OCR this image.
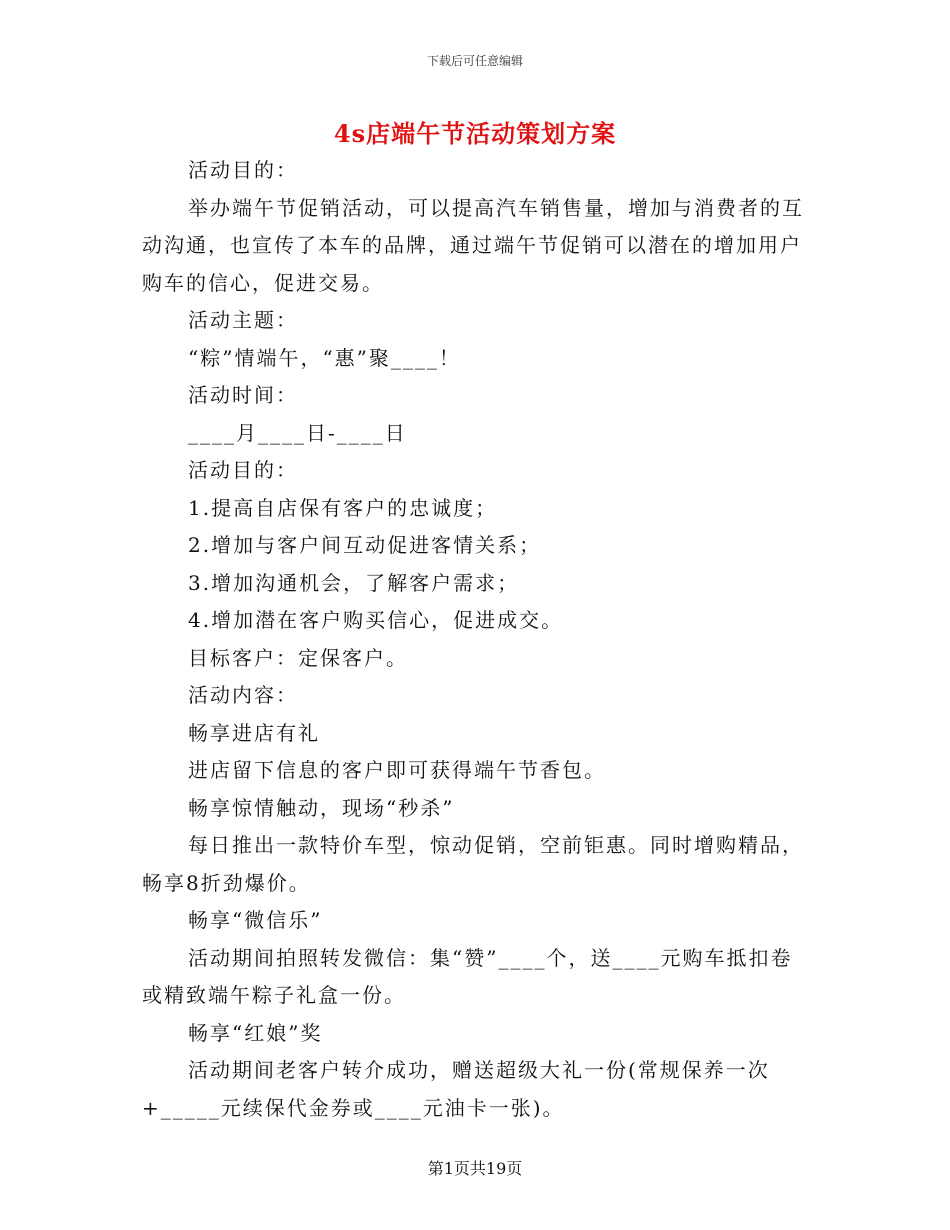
下载后可任意编辑
4s店端午节活动策划方案

活动目的：

举办端午节促销活动，可以提高汽车销售量，增加与消费者的互动沟通，也宣传了本车的品牌，通过端午节促销可以潜在的增加用户购车的信心，促进交易。

活动主题：

“粽”情端午，“惠”聚____！

活动时间：

____月____日-____日

活动目的：

1.提高自店保有客户的忠诚度；

2.增加与客户间互动促进客情关系；

3.增加沟通机会，了解客户需求；

4.增加潜在客户购买信心，促进成交。

目标客户：定保客户。

活动内容：

畅享进店有礼

进店留下信息的客户即可获得端午节香包。

畅享惊情触动，现场“秒杀”

每日推出一款特价车型，惊动促销，空前钜惠。同时增购精品，畅享8折劲爆价。

畅享“微信乐”

活动期间拍照转发微信：集“赞”____个，送____元购车抵扣卷或精致端午粽子礼盒一份。

畅享“红娘”奖

活动期间老客户转介成功，赠送超级大礼一份(常规保养一次+_____元续保代金券或____元油卡一张)。

第1页共19页
